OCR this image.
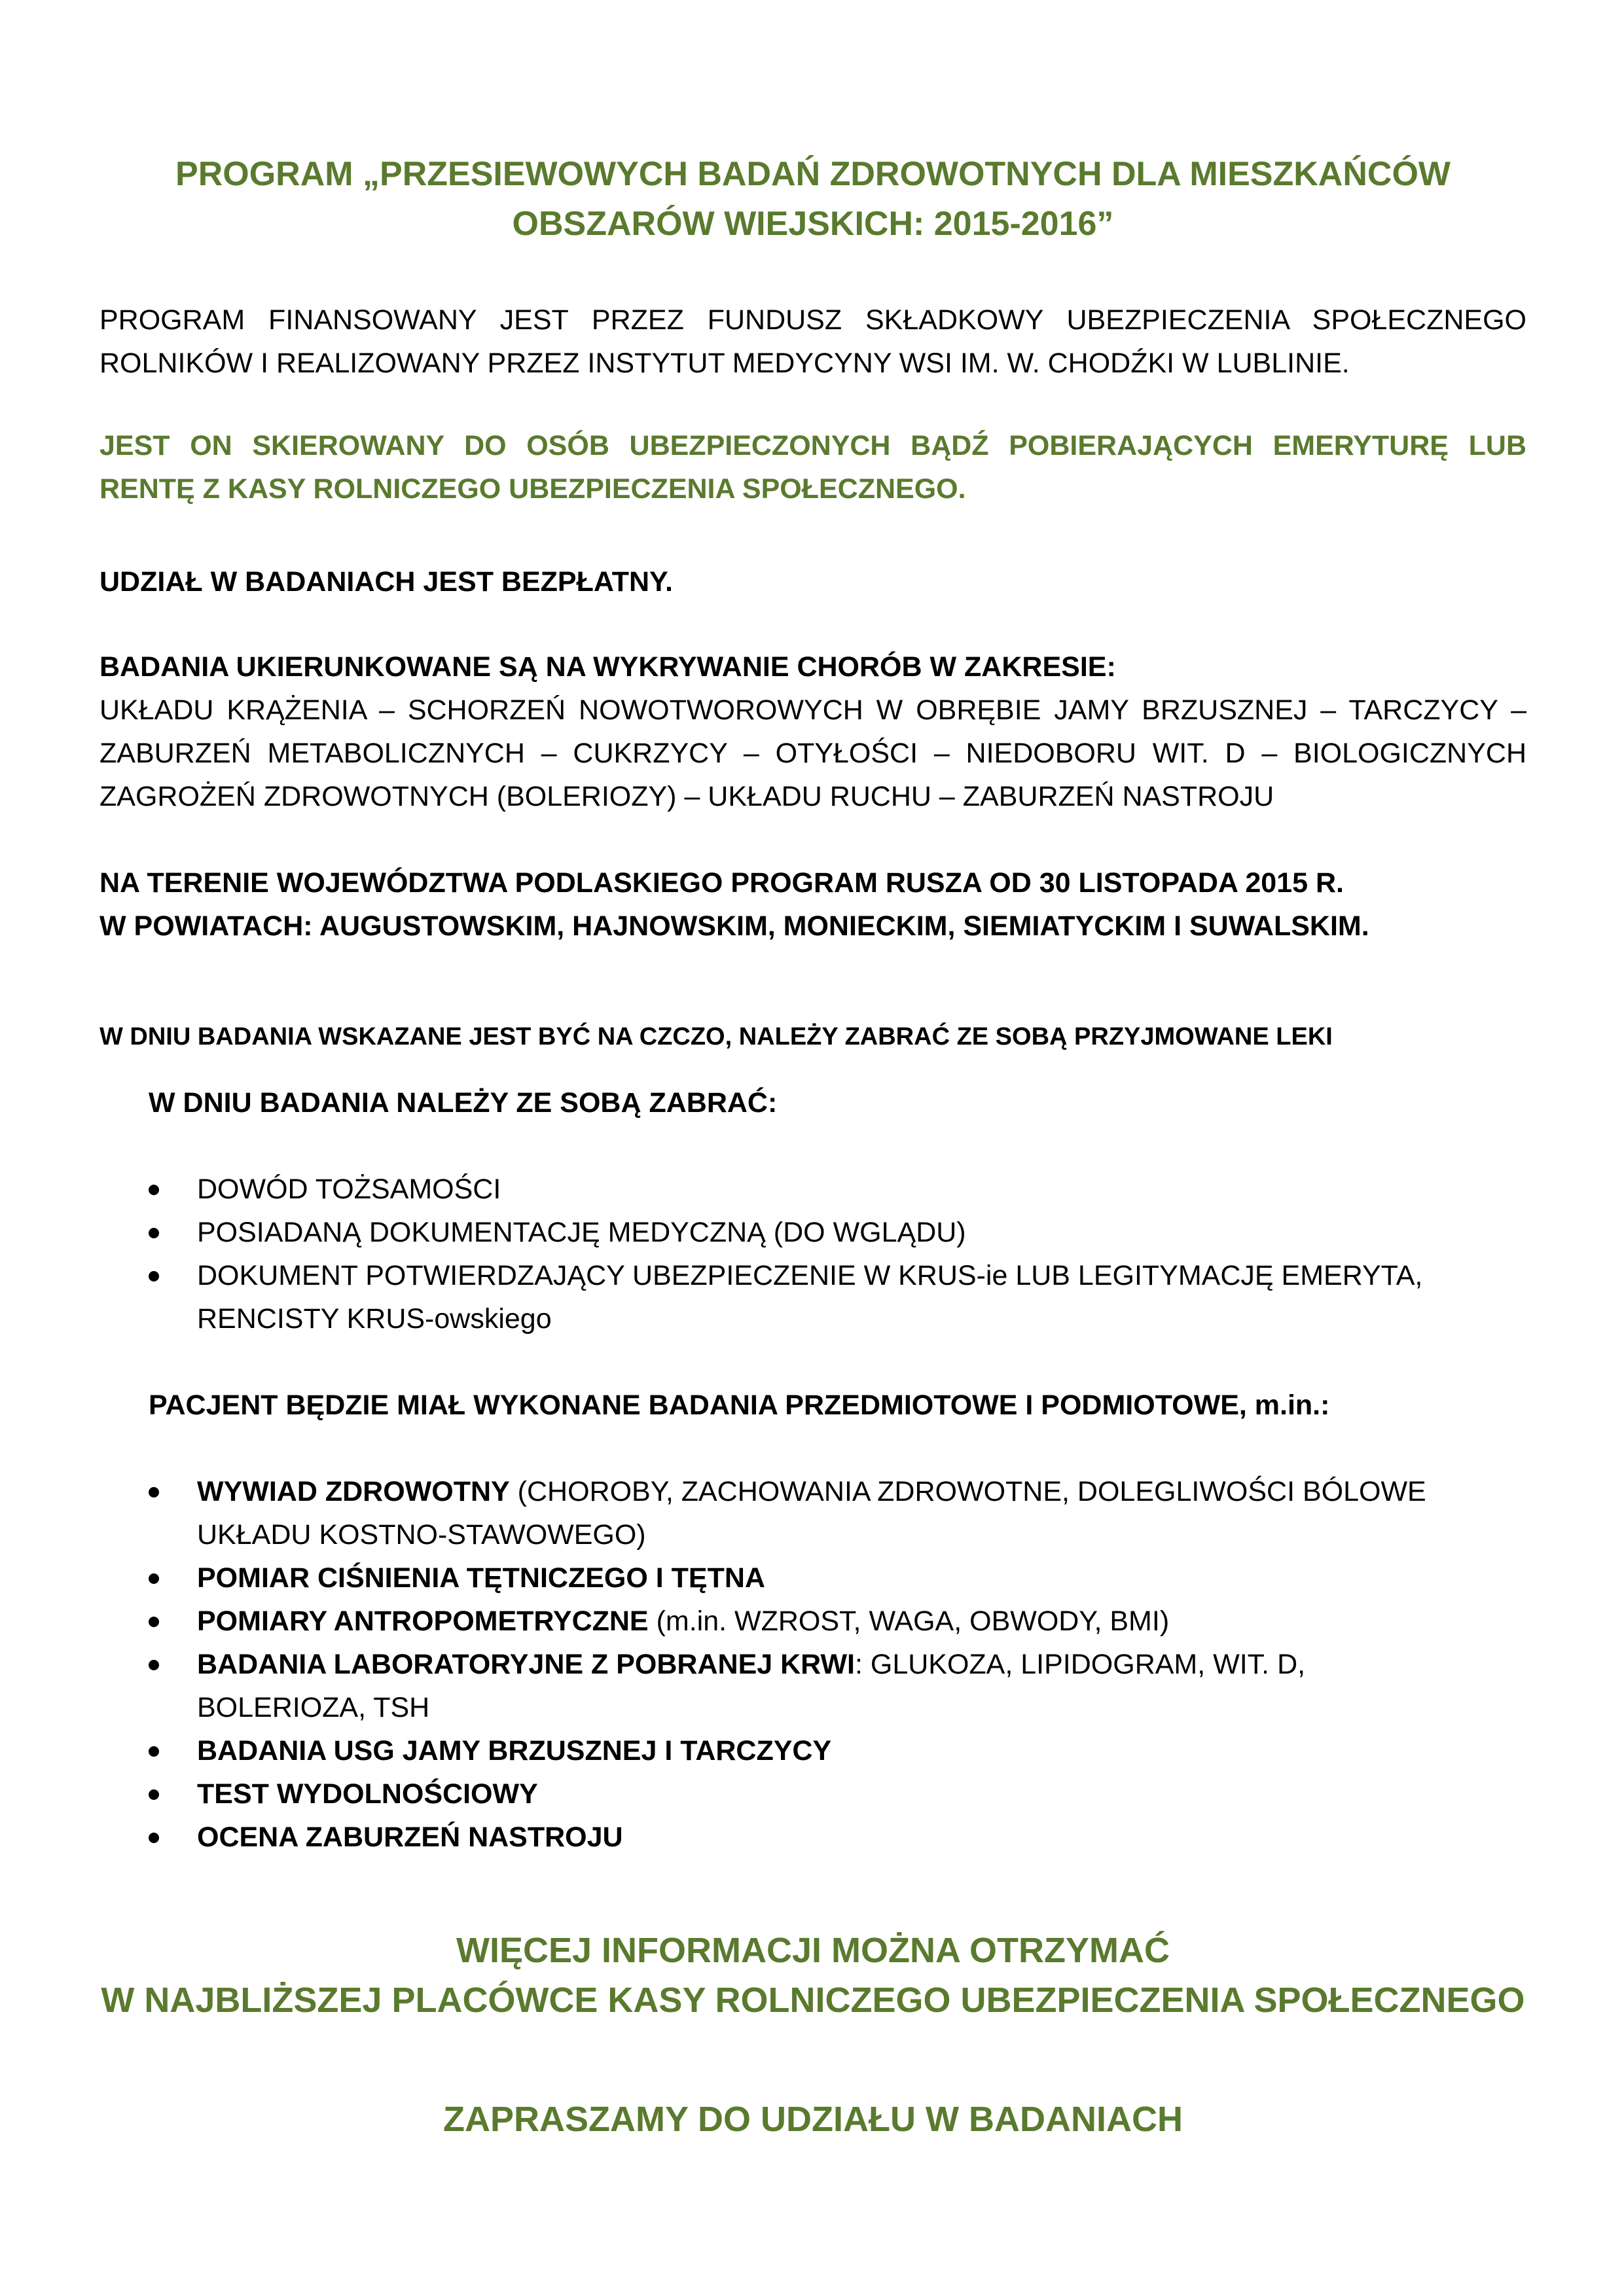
PROGRAM „PRZESIEWOWYCH BADAŃ ZDROWOTNYCH DLA MIESZKAŃCÓW
OBSZARÓW WIEJSKICH: 2015-2016”
PROGRAM FINANSOWANY JEST PRZEZ FUNDUSZ SKŁADKOWY UBEZPIECZENIA SPOŁECZNEGO
ROLNIKÓW I REALIZOWANY PRZEZ INSTYTUT MEDYCYNY WSI IM. W. CHODŹKI W LUBLINIE.
JEST ON SKIEROWANY DO OSÓB UBEZPIECZONYCH BĄDŹ POBIERAJĄCYCH EMERYTURĘ LUB
RENTĘ Z KASY ROLNICZEGO UBEZPIECZENIA SPOŁECZNEGO.
UDZIAŁ W BADANIACH JEST BEZPŁATNY.
BADANIA UKIERUNKOWANE SĄ NA WYKRYWANIE CHORÓB W ZAKRESIE:
UKŁADU KRĄŻENIA – SCHORZEŃ NOWOTWOROWYCH W OBRĘBIE JAMY BRZUSZNEJ – TARCZYCY –
ZABURZEŃ METABOLICZNYCH – CUKRZYCY – OTYŁOŚCI – NIEDOBORU WIT. D – BIOLOGICZNYCH
ZAGROŻEŃ ZDROWOTNYCH (BOLERIOZY) – UKŁADU RUCHU – ZABURZEŃ NASTROJU
NA TERENIE WOJEWÓDZTWA PODLASKIEGO PROGRAM RUSZA OD 30 LISTOPADA 2015 R.
W POWIATACH: AUGUSTOWSKIM, HAJNOWSKIM, MONIECKIM, SIEMIATYCKIM I SUWALSKIM.
W DNIU BADANIA WSKAZANE JEST BYĆ NA CZCZO, NALEŻY ZABRAĆ ZE SOBĄ PRZYJMOWANE LEKI
W DNIU BADANIA NALEŻY ZE SOBĄ ZABRAĆ:
DOWÓD TOŻSAMOŚCI
POSIADANĄ DOKUMENTACJĘ MEDYCZNĄ (DO WGLĄDU)
DOKUMENT POTWIERDZAJĄCY UBEZPIECZENIE W KRUS-ie LUB LEGITYMACJĘ EMERYTA,
RENCISTY KRUS-owskiego
PACJENT BĘDZIE MIAŁ WYKONANE BADANIA PRZEDMIOTOWE I PODMIOTOWE, m.in.:
WYWIAD ZDROWOTNY (CHOROBY, ZACHOWANIA ZDROWOTNE, DOLEGLIWOŚCI BÓLOWE
UKŁADU KOSTNO-STAWOWEGO)
POMIAR CIŚNIENIA TĘTNICZEGO I TĘTNA
POMIARY ANTROPOMETRYCZNE (m.in. WZROST, WAGA, OBWODY, BMI)
BADANIA LABORATORYJNE Z POBRANEJ KRWI: GLUKOZA, LIPIDOGRAM, WIT. D,
BOLERIOZA, TSH
BADANIA USG JAMY BRZUSZNEJ I TARCZYCY
TEST WYDOLNOŚCIOWY
OCENA ZABURZEŃ NASTROJU
WIĘCEJ INFORMACJI MOŻNA OTRZYMAĆ
W NAJBLIŻSZEJ PLACÓWCE KASY ROLNICZEGO UBEZPIECZENIA SPOŁECZNEGO
ZAPRASZAMY DO UDZIAŁU W BADANIACH
